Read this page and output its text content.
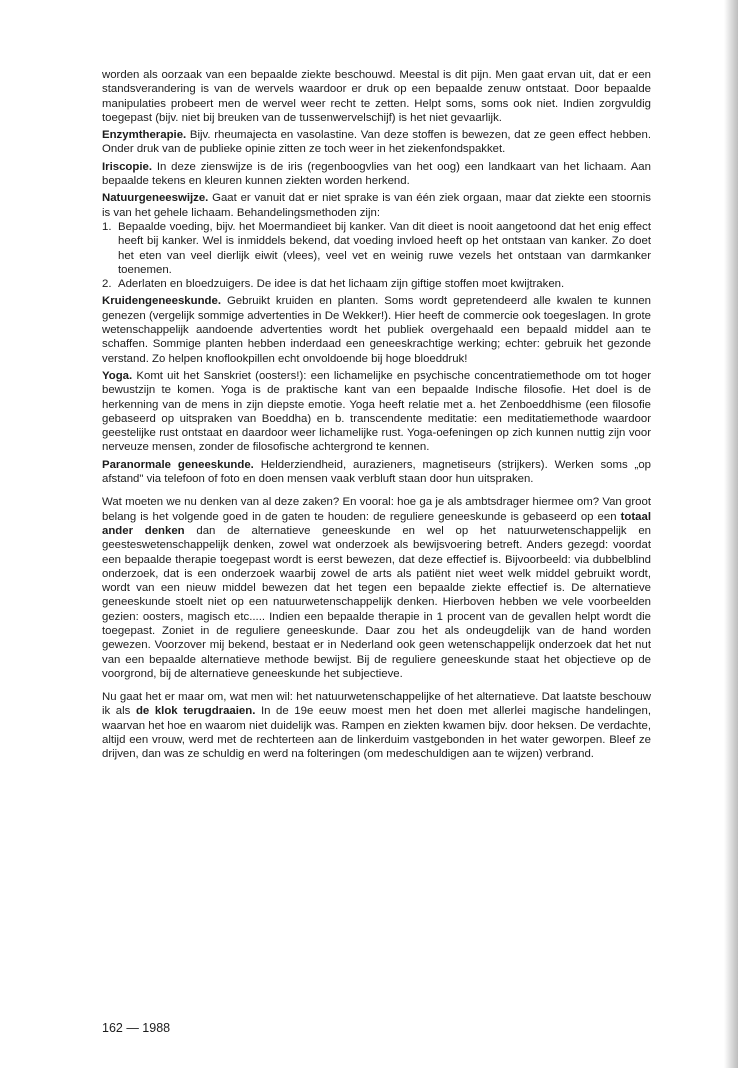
worden als oorzaak van een bepaalde ziekte beschouwd. Meestal is dit pijn. Men gaat ervan uit, dat er een standsverandering is van de wervels waardoor er druk op een bepaalde zenuw ontstaat. Door bepaalde manipulaties probeert men de wervel weer recht te zetten. Helpt soms, soms ook niet. Indien zorgvuldig toegepast (bijv. niet bij breuken van de tussenwervelschijf) is het niet gevaarlijk.

Enzymtherapie. Bijv. rheumajecta en vasolastine. Van deze stoffen is bewezen, dat ze geen effect hebben. Onder druk van de publieke opinie zitten ze toch weer in het ziekenfondspakket.

Iriscopie. In deze zienswijze is de iris (regenboogvlies van het oog) een landkaart van het lichaam. Aan bepaalde tekens en kleuren kunnen ziekten worden herkend.

Natuurgeneeswijze. Gaat er vanuit dat er niet sprake is van één ziek orgaan, maar dat ziekte een stoornis is van het gehele lichaam. Behandelingsmethoden zijn:

1. Bepaalde voeding, bijv. het Moermandieet bij kanker. Van dit dieet is nooit aangetoond dat het enig effect heeft bij kanker. Wel is inmiddels bekend, dat voeding invloed heeft op het ontstaan van kanker. Zo doet het eten van veel dierlijk eiwit (vlees), veel vet en weinig ruwe vezels het ontstaan van darmkanker toenemen.
2. Aderlaten en bloedzuigers. De idee is dat het lichaam zijn giftige stoffen moet kwijtraken.

Kruidengeneeskunde. Gebruikt kruiden en planten. Soms wordt gepretendeerd alle kwalen te kunnen genezen (vergelijk sommige advertenties in De Wekker!). Hier heeft de commercie ook toegeslagen. In grote wetenschappelijk aandoende advertenties wordt het publiek overgehaald een bepaald middel aan te schaffen. Sommige planten hebben inderdaad een geneeskrachtige werking; echter: gebruik het gezonde verstand. Zo helpen knoflookpillen echt onvoldoende bij hoge bloeddruk!

Yoga. Komt uit het Sanskriet (oosters!): een lichamelijke en psychische concentratiemethode om tot hoger bewustzijn te komen. Yoga is de praktische kant van een bepaalde Indische filosofie. Het doel is de herkenning van de mens in zijn diepste emotie. Yoga heeft relatie met a. het Zenboeddhisme (een filosofie gebaseerd op uitspraken van Boeddha) en b. transcendente meditatie: een meditatiemethode waardoor geestelijke rust ontstaat en daardoor weer lichamelijke rust. Yoga-oefeningen op zich kunnen nuttig zijn voor nerveuze mensen, zonder de filosofische achtergrond te kennen.

Paranormale geneeskunde. Helderziendheid, aurazieners, magnetiseurs (strijkers). Werken soms „op afstand" via telefoon of foto en doen mensen vaak verbluft staan door hun uitspraken.

Wat moeten we nu denken van al deze zaken? En vooral: hoe ga je als ambtsdrager hiermee om? Van groot belang is het volgende goed in de gaten te houden: de reguliere geneeskunde is gebaseerd op een totaal ander denken dan de alternatieve geneeskunde en wel op het natuurwetenschappelijk en geesteswetenschappelijk denken, zowel wat onderzoek als bewijsvoering betreft. Anders gezegd: voordat een bepaalde therapie toegepast wordt is eerst bewezen, dat deze effectief is. Bijvoorbeeld: via dubbelblind onderzoek, dat is een onderzoek waarbij zowel de arts als patiënt niet weet welk middel gebruikt wordt, wordt van een nieuw middel bewezen dat het tegen een bepaalde ziekte effectief is. De alternatieve geneeskunde stoelt niet op een natuurwetenschappelijk denken. Hierboven hebben we vele voorbeelden gezien: oosters, magisch etc..... Indien een bepaalde therapie in 1 procent van de gevallen helpt wordt die toegepast. Zoniet in de reguliere geneeskunde. Daar zou het als ondeugdelijk van de hand worden gewezen. Voorzover mij bekend, bestaat er in Nederland ook geen wetenschappelijk onderzoek dat het nut van een bepaalde alternatieve methode bewijst. Bij de reguliere geneeskunde staat het objectieve op de voorgrond, bij de alternatieve geneeskunde het subjectieve.

Nu gaat het er maar om, wat men wil: het natuurwetenschappelijke of het alternatieve. Dat laatste beschouw ik als de klok terugdraaien. In de 19e eeuw moest men het doen met allerlei magische handelingen, waarvan het hoe en waarom niet duidelijk was. Rampen en ziekten kwamen bijv. door heksen. De verdachte, altijd een vrouw, werd met de rechterteen aan de linkerduim vastgebonden in het water geworpen. Bleef ze drijven, dan was ze schuldig en werd na folteringen (om medeschuldigen aan te wijzen) verbrand.

162 — 1988
